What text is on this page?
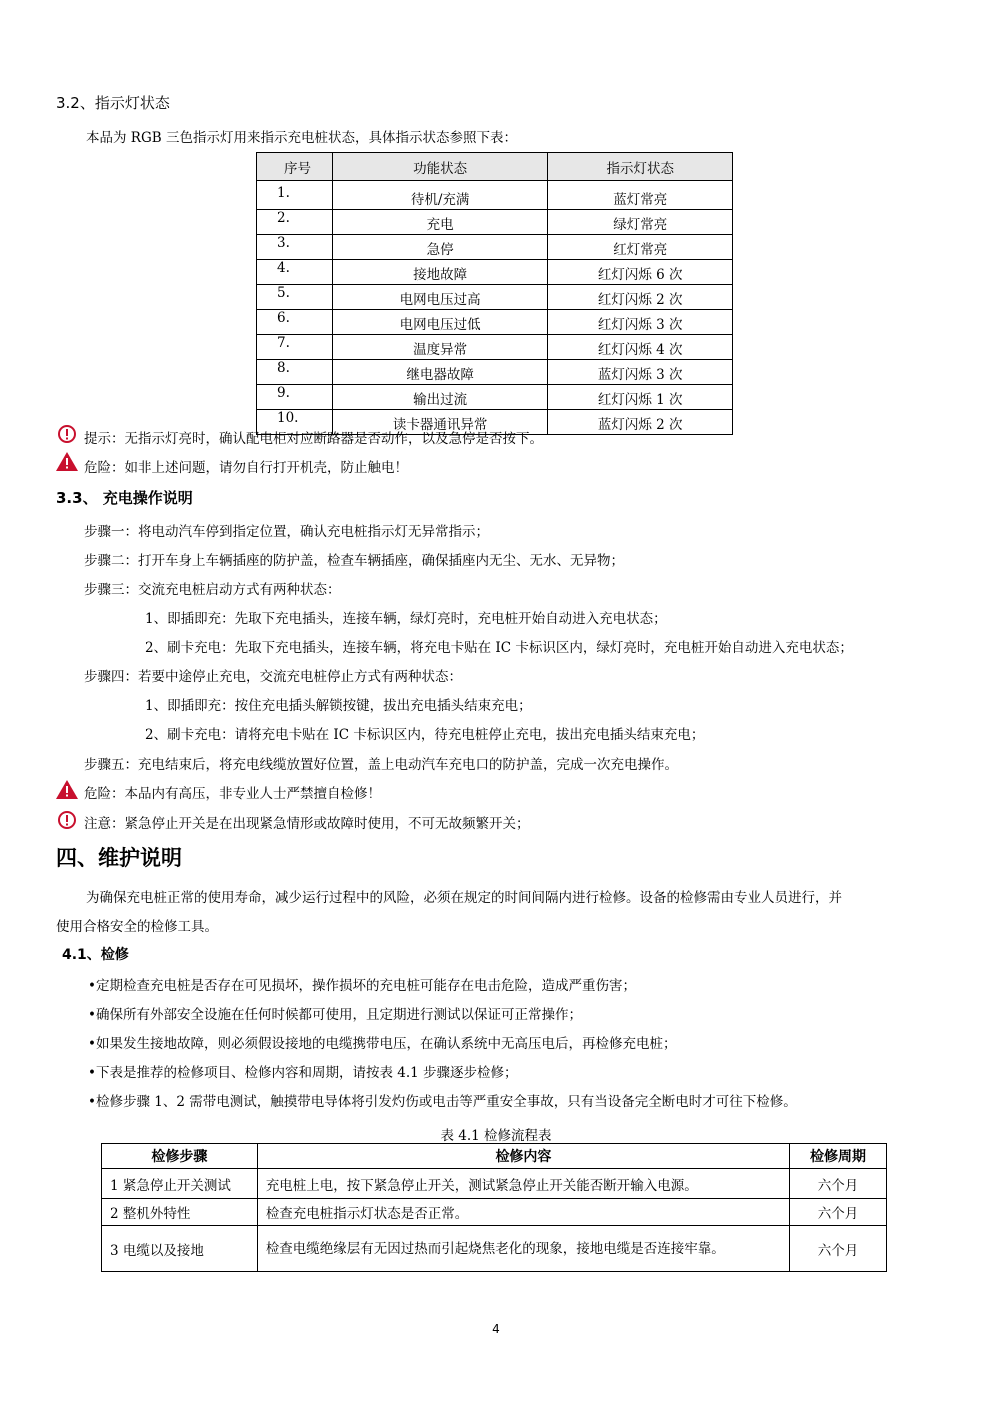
3.2、指示灯状态
本品为 RGB 三色指示灯用来指示充电桩状态，具体指示状态参照下表：
序号	功能状态	指示灯状态
1.	待机/充满	蓝灯常亮
2.	充电	绿灯常亮
3.	急停	红灯常亮
4.	接地故障	红灯闪烁 6 次
5.	电网电压过高	红灯闪烁 2 次
6.	电网电压过低	红灯闪烁 3 次
7.	温度异常	红灯闪烁 4 次
8.	继电器故障	蓝灯闪烁 3 次
9.	输出过流	红灯闪烁 1 次
10.	读卡器通讯异常	蓝灯闪烁 2 次
提示：无指示灯亮时，确认配电柜对应断路器是否动作，以及急停是否按下。
危险：如非上述问题，请勿自行打开机壳，防止触电！
3.3、 充电操作说明
步骤一：将电动汽车停到指定位置，确认充电桩指示灯无异常指示；
步骤二：打开车身上车辆插座的防护盖，检查车辆插座，确保插座内无尘、无水、无异物；
步骤三：交流充电桩启动方式有两种状态：
1、即插即充：先取下充电插头，连接车辆，绿灯亮时，充电桩开始自动进入充电状态；
2、刷卡充电：先取下充电插头，连接车辆，将充电卡贴在 IC 卡标识区内，绿灯亮时，充电桩开始自动进入充电状态；
步骤四：若要中途停止充电，交流充电桩停止方式有两种状态：
1、即插即充：按住充电插头解锁按键，拔出充电插头结束充电；
2、刷卡充电：请将充电卡贴在 IC 卡标识区内，待充电桩停止充电，拔出充电插头结束充电；
步骤五：充电结束后，将充电线缆放置好位置，盖上电动汽车充电口的防护盖，完成一次充电操作。
危险：本品内有高压，非专业人士严禁擅自检修！
注意：紧急停止开关是在出现紧急情形或故障时使用，不可无故频繁开关；
四、维护说明
为确保充电桩正常的使用寿命，减少运行过程中的风险，必须在规定的时间间隔内进行检修。设备的检修需由专业人员进行，并
使用合格安全的检修工具。
4.1、检修
•定期检查充电桩是否存在可见损坏，操作损坏的充电桩可能存在电击危险，造成严重伤害；
•确保所有外部安全设施在任何时候都可使用，且定期进行测试以保证可正常操作；
•如果发生接地故障，则必须假设接地的电缆携带电压，在确认系统中无高压电后，再检修充电桩；
•下表是推荐的检修项目、检修内容和周期，请按表 4.1 步骤逐步检修；
•检修步骤 1、2 需带电测试，触摸带电导体将引发灼伤或电击等严重安全事故，只有当设备完全断电时才可往下检修。
表 4.1 检修流程表
检修步骤	检修内容	检修周期
1 紧急停止开关测试	充电桩上电，按下紧急停止开关，测试紧急停止开关能否断开输入电源。	六个月
2 整机外特性	检查充电桩指示灯状态是否正常。	六个月
3 电缆以及接地	检查电缆绝缘层有无因过热而引起烧焦老化的现象，接地电缆是否连接牢靠。	六个月
4
